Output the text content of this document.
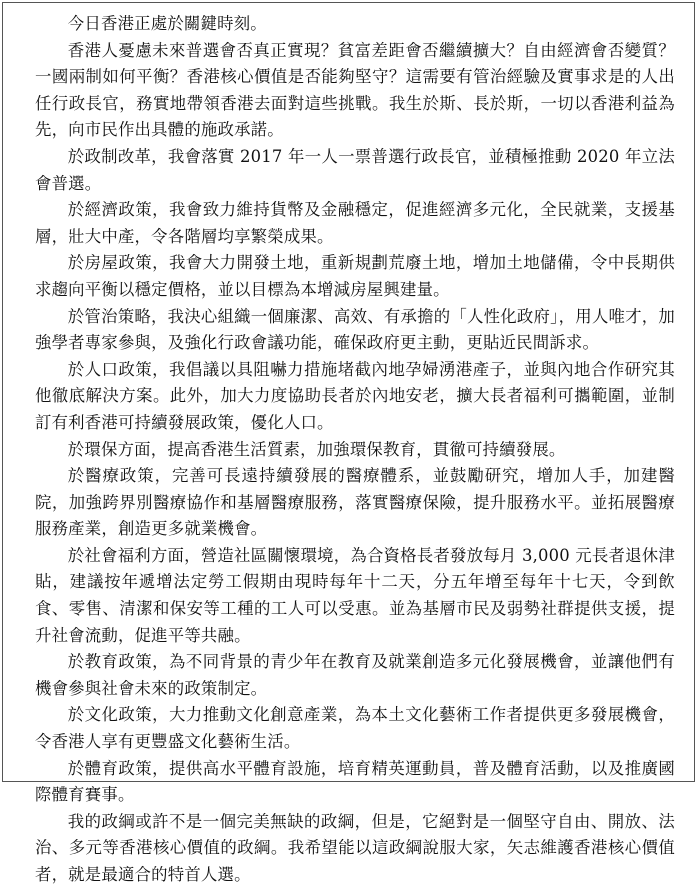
今日香港正處於關鍵時刻。

香港人憂慮未來普選會否真正實現？貧富差距會否繼續擴大？自由經濟會否變質？一國兩制如何平衡？香港核心價值是否能夠堅守？這需要有管治經驗及實事求是的人出任行政長官，務實地帶領香港去面對這些挑戰。我生於斯、長於斯，一切以香港利益為先，向市民作出具體的施政承諾。

於政制改革，我會落實 2017 年一人一票普選行政長官，並積極推動 2020 年立法會普選。

於經濟政策，我會致力維持貨幣及金融穩定，促進經濟多元化，全民就業，支援基層，壯大中產，令各階層均享繁榮成果。

於房屋政策，我會大力開發土地，重新規劃荒廢土地，增加土地儲備，令中長期供求趨向平衡以穩定價格，並以目標為本增減房屋興建量。

於管治策略，我決心組織一個廉潔、高效、有承擔的「人性化政府」，用人唯才，加強學者專家參與，及強化行政會議功能，確保政府更主動，更貼近民間訴求。

於人口政策，我倡議以具阻嚇力措施堵截內地孕婦湧港產子，並與內地合作研究其他徹底解決方案。此外，加大力度協助長者於內地安老，擴大長者福利可攜範圍，並制訂有利香港可持續發展政策，優化人口。

於環保方面，提高香港生活質素，加強環保教育，貫徹可持續發展。

於醫療政策，完善可長遠持續發展的醫療體系，並鼓勵研究，增加人手，加建醫院，加強跨界別醫療協作和基層醫療服務，落實醫療保險，提升服務水平。並拓展醫療服務產業，創造更多就業機會。

於社會福利方面，營造社區關懷環境，為合資格長者發放每月 3,000 元長者退休津貼，建議按年遞增法定勞工假期由現時每年十二天，分五年增至每年十七天，令到飲食、零售、清潔和保安等工種的工人可以受惠。並為基層市民及弱勢社群提供支援，提升社會流動，促進平等共融。

於教育政策，為不同背景的青少年在教育及就業創造多元化發展機會，並讓他們有機會參與社會未來的政策制定。

於文化政策，大力推動文化創意產業，為本土文化藝術工作者提供更多發展機會，令香港人享有更豐盛文化藝術生活。

於體育政策，提供高水平體育設施，培育精英運動員，普及體育活動，以及推廣國際體育賽事。

我的政綱或許不是一個完美無缺的政綱，但是，它絕對是一個堅守自由、開放、法治、多元等香港核心價值的政綱。我希望能以這政綱說服大家，矢志維護香港核心價值者，就是最適合的特首人選。
